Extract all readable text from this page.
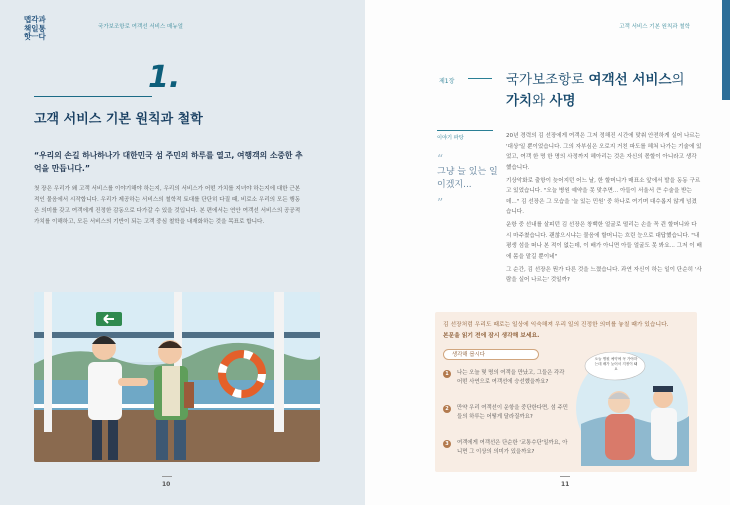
맵각과
책일통
핫ㅡ다
국가보조항로 여객선 서비스 매뉴얼
1.
고객 서비스 기본 원칙과 철학
“우리의 손길 하나하나가 대한민국 섬 주민의 하루를 열고, 여행객의 소중한 추억을 만듭니다.”
첫 장은 우리가 왜 고객 서비스를 이야기해야 하는지, 우리의 서비스가 어떤 가치를 지녀야 하는지에 대한 근본적인 물음에서 시작합니다. 우리가 제공하는 서비스의 철학적 토대를 단단히 다질 때, 비로소 우리의 모든 행동은 의미를 갖고 여객에게 진정한 감동으로 다가갈 수 있을 것입니다. 본 편에서는 연안 여객선 서비스의 공공적 가치를 이해하고, 모든 서비스의 기반이 되는 고객 중심 철학을 내재화하는 것을 목표로 합니다.
10
고객 서비스 기본 원칙과 철학
제1장	국가보조항로 여객선 서비스의
가치와 사명
이야기 파탕
“
그냥 늘 있는 일이겠지...
”

20년 경력의 김 선장에게 여객은 그저 정해진 시간에 맞춰 안전하게 실어 나르는 '대상'일 뿐이었습니다. 그의 자부심은 오로지 거친 파도를 헤쳐 나가는 기술에 있었고, 여객 한 명 한 명의 사정까지 헤아리는 것은 자신의 몫할이 아니라고 생각했습니다.

기상악화로 출항이 늦어지던 어느 날, 한 할머니가 매표소 앞에서 발을 동동 구르고 있었습니다. "오늘 병원 예약을 못 맞추면... 아들이 서울서 큰 수술을 받는데..." 김 선장은 그 모습을 '늘 있는 민원' 중 하나로 여기며 대수롭지 않게 넘겼습니다.

운항 중 선내를 살피던 김 선장은 창백한 얼굴로 떨리는 손을 꼭 쥔 할머니와 다시 마주쳤습니다. 괜찮으시냐는 물음에 할머니는 흐린 눈으로 대답했습니다. "내 평생 섬을 떠나 본 적이 없는데, 이 배가 아니면 아들 얼굴도 못 봐요... 그저 이 배에 몸을 맡길 뿐이네"

그 순간, 김 선장은 뭔가 다른 것을 느꼈습니다. 과연 자신이 하는 일이 단순히 '사람을 실어 나르는' 것일까?

김 선장처럼 우리도 때로는 일상에 익숙해져 우리 일의 진정한 의미를 놓칠 때가 있습니다.
본문을 읽기 전에 잠시 생각해 보세요.
생각해 봅시다
1	나는 오늘 몇 명의 여객을 만났고, 그들은 각각 어떤 사연으로 여객선에 승선했을까요?
2	만약 우리 여객선이 운항을 중단한다면, 섬 주민들의 하루는 어떻게 달라질까요?
3	여객에게 여객선은 단순한 '교통수단'일까요, 아니면 그 이상의 의미가 있을까요?
오늘 병원 예약에 꼭 가야하는데 배가 늦어서 걱정이 돼요
11
